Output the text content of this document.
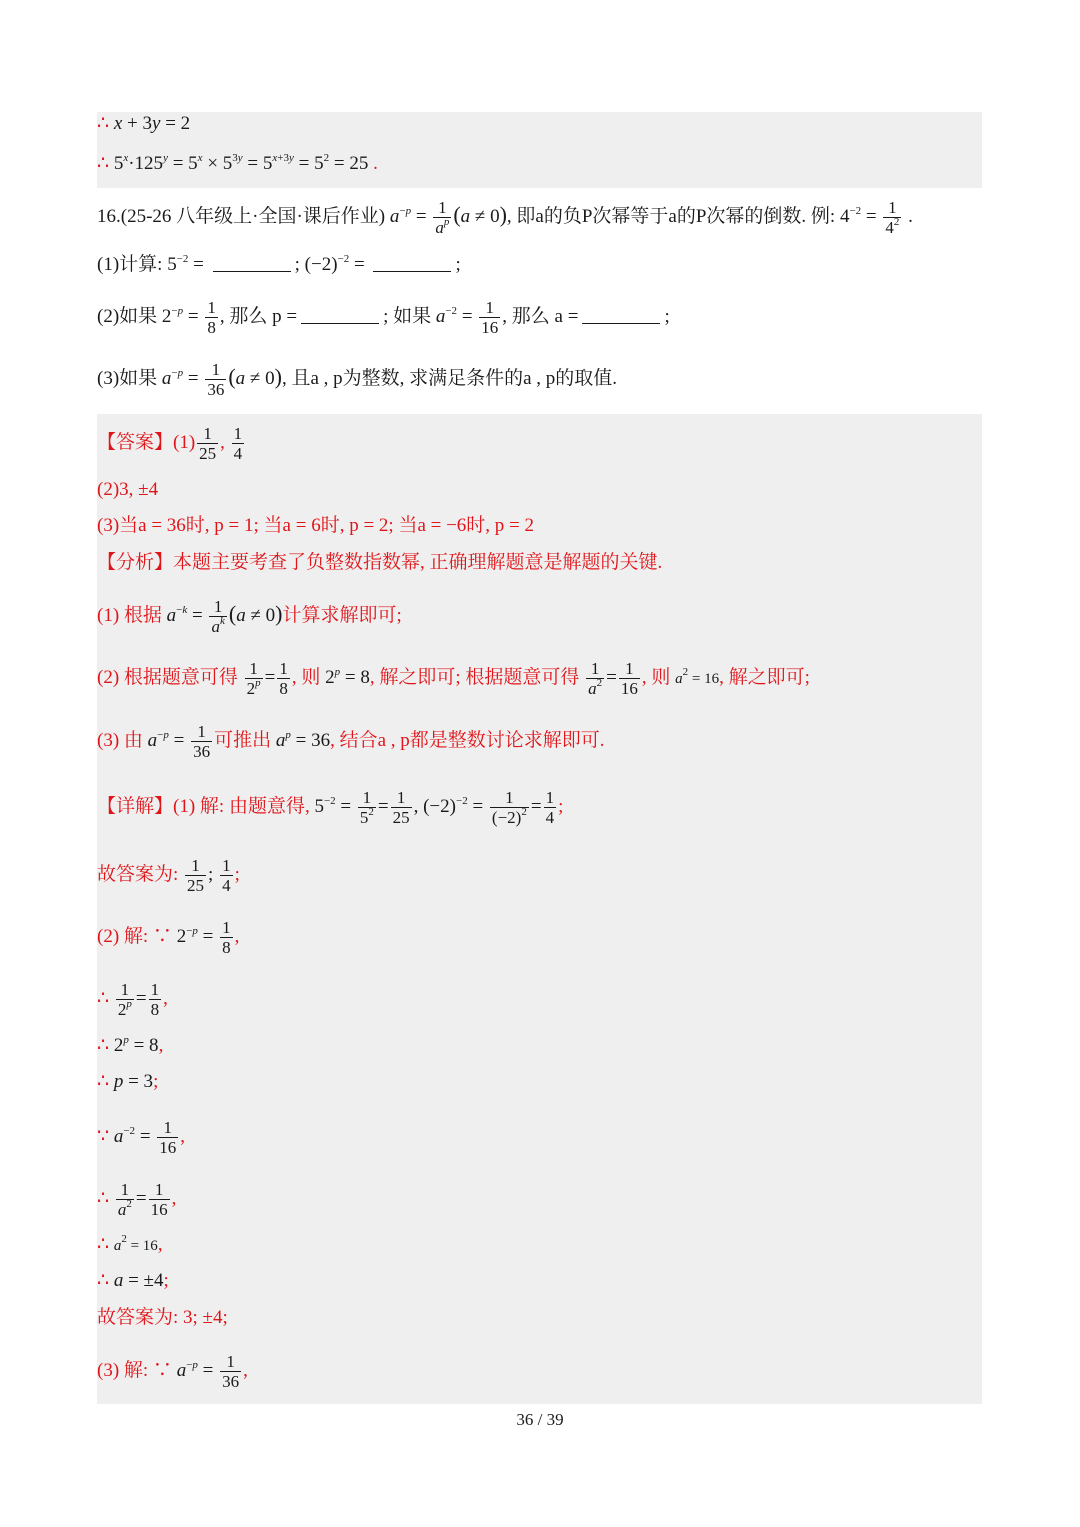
∴ x + 3y = 2
∴ $5^x\cdot 125^y = 5^x \times 5^{3y} = 5^{x+3y} = 5^2 = 25$ .
16.(25-26 八年级上·全国·课后作业) $a^{-p} = \frac{1}{a^p} (a \ne 0)$, 即a的负P次幂等于a的P次幂的倒数. 例: $4^{-2} = \frac{1}{4^2}$ .
(1)计算: $5^{-2}$ =	; $(-2)^{-2}$ =	;
(2)如果 $2^{-p} = \frac{1}{8}$ , 那么 p =	; 如果 $a^{-2} = \frac{1}{16}$ , 那么 a =	;
(3)如果 $a^{-p} = \frac{1}{36} (a \ne 0)$, 且a , p为整数, 求满足条件的a , p的取值.
【答案】$(1) \frac{1}{25}$ , $\frac{1}{4}$
(2)3, ±4
(3)当a = 36时, p = 1; 当a = 6时, p = 2; 当a = −6时, p = 2
【分析】本题主要考查了负整数指数幂, 正确理解题意是解题的关键.
(1) 根据 $a^{-k} = \frac{1}{a^k} (a \ne 0)$计算求解即可;
(2) 根据题意可得 $\frac{1}{2^p} = \frac{1}{8}$ , 则 $2^p = 8$, 解之即可; 根据题意可得 $\frac{1}{a^2} = \frac{1}{16}$ , 则 $a^2 = 16$, 解之即可;
(3) 由 $a^{-p} = \frac{1}{36}$ 可推出 $a^p = 36$, 结合a , p都是整数讨论求解即可.
【详解】(1) 解: 由题意得, $5^{-2} = \frac{1}{5^2} = \frac{1}{25}$ , $(-2)^{-2} = \frac{1}{(-2)^2} = \frac{1}{4}$ ;
故答案为: $\frac{1}{25}$ ; $\frac{1}{4}$ ;
(2) 解: ∵ $2^{-p} = \frac{1}{8}$ ,
∴ $\frac{1}{2^p} = \frac{1}{8}$ ,
∴ $2^p = 8$,
∴ p = 3;
∵ $a^{-2} = \frac{1}{16}$ ,
∴ $\frac{1}{a^2} = \frac{1}{16}$ ,
∴ $a^2 = 16$,
∴ a = ±4;
故答案为: 3; ±4;
(3) 解: ∵ $a^{-p} = \frac{1}{36}$ ,
36 / 39
